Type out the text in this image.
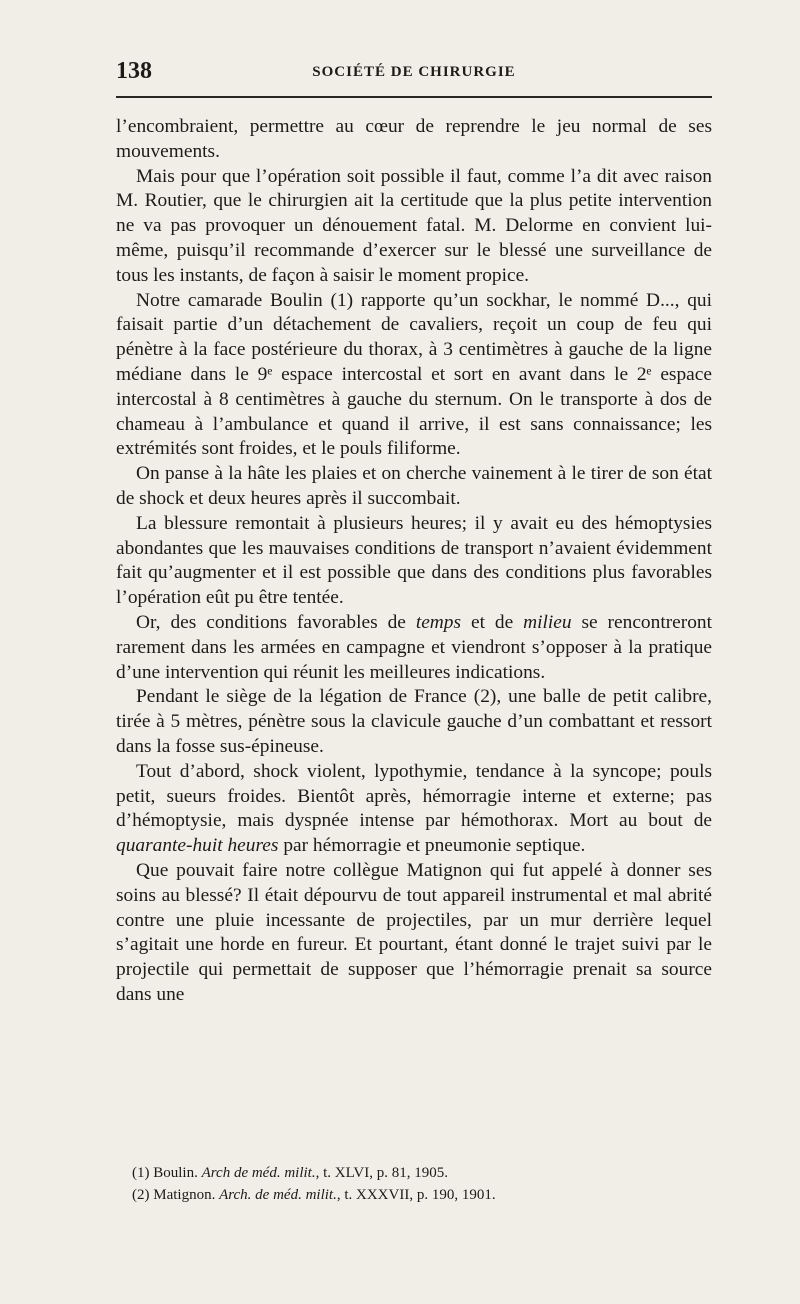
138	SOCIÉTÉ DE CHIRURGIE

l’encombraient, permettre au cœur de reprendre le jeu normal de ses mouvements.

Mais pour que l’opération soit possible il faut, comme l’a dit avec raison M. Routier, que le chirurgien ait la certitude que la plus petite intervention ne va pas provoquer un dénouement fatal. M. Delorme en convient lui-même, puisqu’il recommande d’exercer sur le blessé une surveillance de tous les instants, de façon à saisir le moment propice.

Notre camarade Boulin (1) rapporte qu’un sockhar, le nommé D..., qui faisait partie d’un détachement de cavaliers, reçoit un coup de feu qui pénètre à la face postérieure du thorax, à 3 centimètres à gauche de la ligne médiane dans le 9ᵉ espace intercostal et sort en avant dans le 2ᵉ espace intercostal à 8 centimètres à gauche du sternum. On le transporte à dos de chameau à l’ambulance et quand il arrive, il est sans connaissance; les extrémités sont froides, et le pouls filiforme.

On panse à la hâte les plaies et on cherche vainement à le tirer de son état de shock et deux heures après il succombait.

La blessure remontait à plusieurs heures; il y avait eu des hémoptysies abondantes que les mauvaises conditions de transport n’avaient évidemment fait qu’augmenter et il est possible que dans des conditions plus favorables l’opération eût pu être tentée.

Or, des conditions favorables de temps et de milieu se rencontreront rarement dans les armées en campagne et viendront s’opposer à la pratique d’une intervention qui réunit les meilleures indications.

Pendant le siège de la légation de France (2), une balle de petit calibre, tirée à 5 mètres, pénètre sous la clavicule gauche d’un combattant et ressort dans la fosse sus-épineuse.

Tout d’abord, shock violent, lypothymie, tendance à la syncope; pouls petit, sueurs froides. Bientôt après, hémorragie interne et externe; pas d’hémoptysie, mais dyspnée intense par hémothorax. Mort au bout de quarante-huit heures par hémorragie et pneumonie septique.

Que pouvait faire notre collègue Matignon qui fut appelé à donner ses soins au blessé? Il était dépourvu de tout appareil instrumental et mal abrité contre une pluie incessante de projectiles, par un mur derrière lequel s’agitait une horde en fureur. Et pourtant, étant donné le trajet suivi par le projectile qui permettait de supposer que l’hémorragie prenait sa source dans une

(1) Boulin. Arch de méd. milit., t. XLVI, p. 81, 1905.
(2) Matignon. Arch. de méd. milit., t. XXXVII, p. 190, 1901.
